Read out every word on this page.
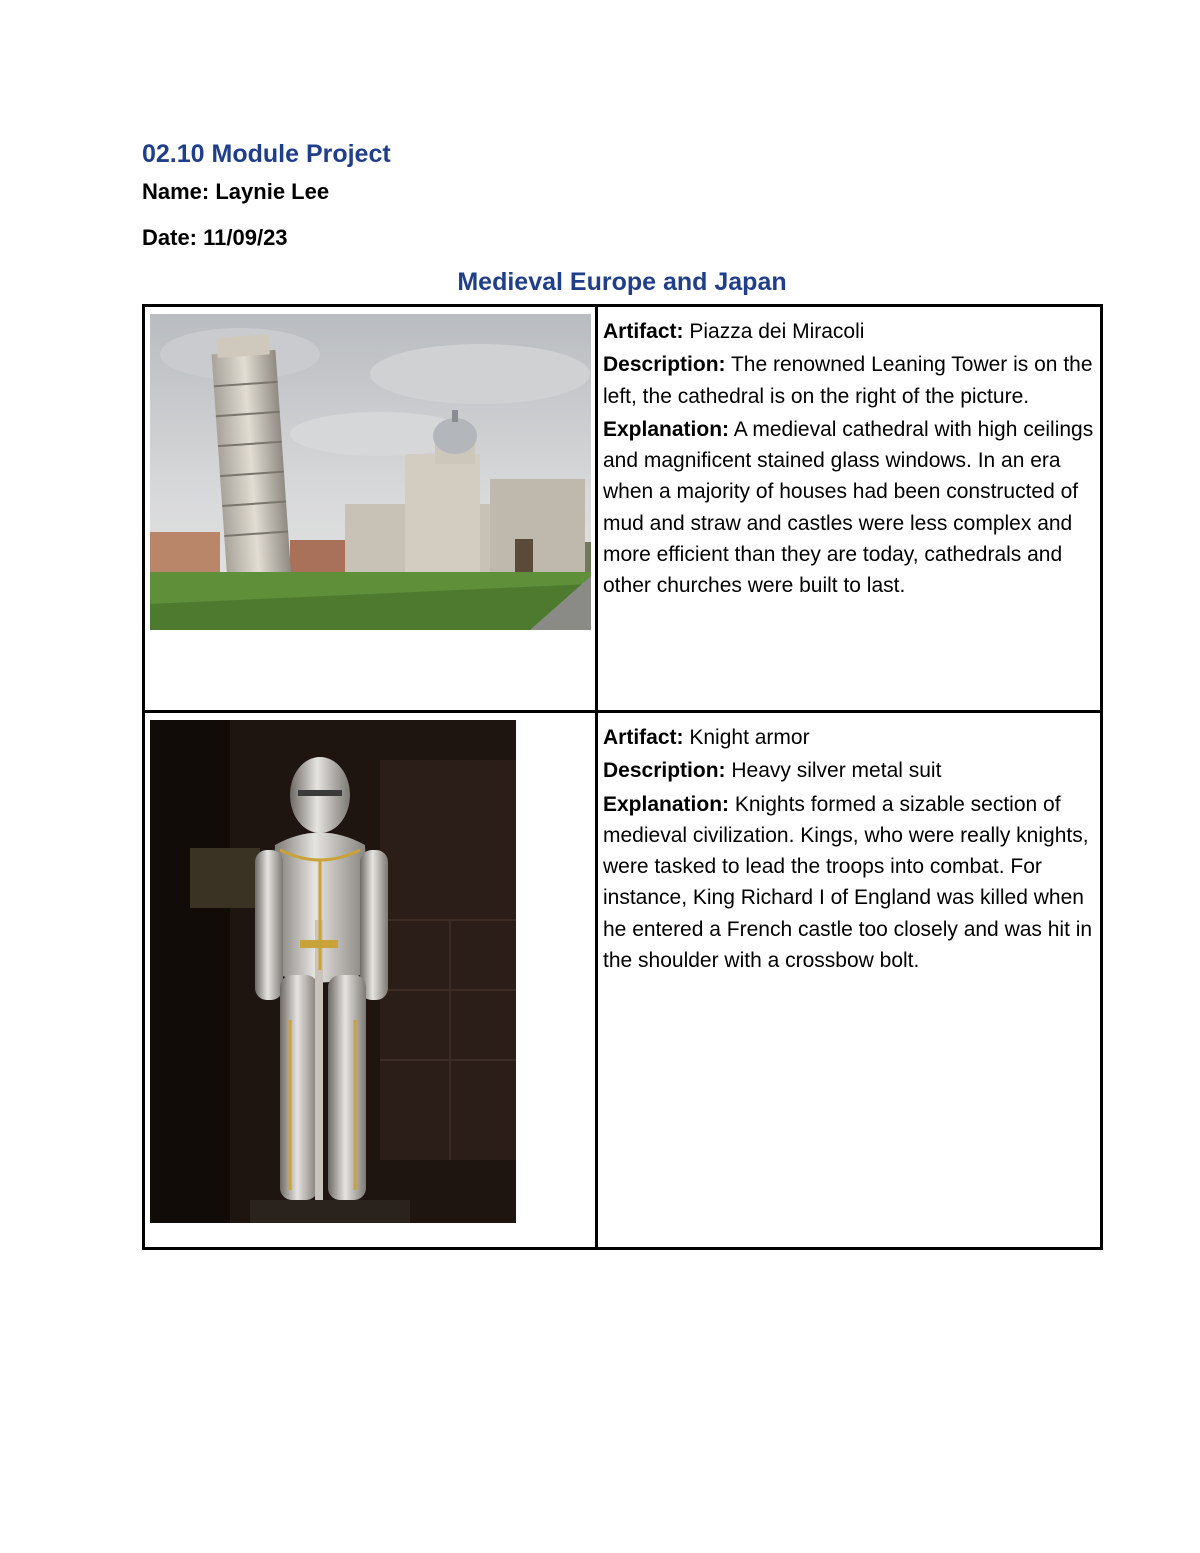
02.10 Module Project
Name: Laynie Lee
Date: 11/09/23
Medieval Europe and Japan

Artifact: Piazza dei Miracoli

Description: The renowned Leaning Tower is on the left, the cathedral is on the right of the picture.

Explanation: A medieval cathedral with high ceilings and magnificent stained glass windows. In an era when a majority of houses had been constructed of mud and straw and castles were less complex and more efficient than they are today, cathedrals and other churches were built to last.

Artifact: Knight armor

Description: Heavy silver metal suit

Explanation: Knights formed a sizable section of medieval civilization. Kings, who were really knights, were tasked to lead the troops into combat. For instance, King Richard I of England was killed when he entered a French castle too closely and was hit in the shoulder with a crossbow bolt.
